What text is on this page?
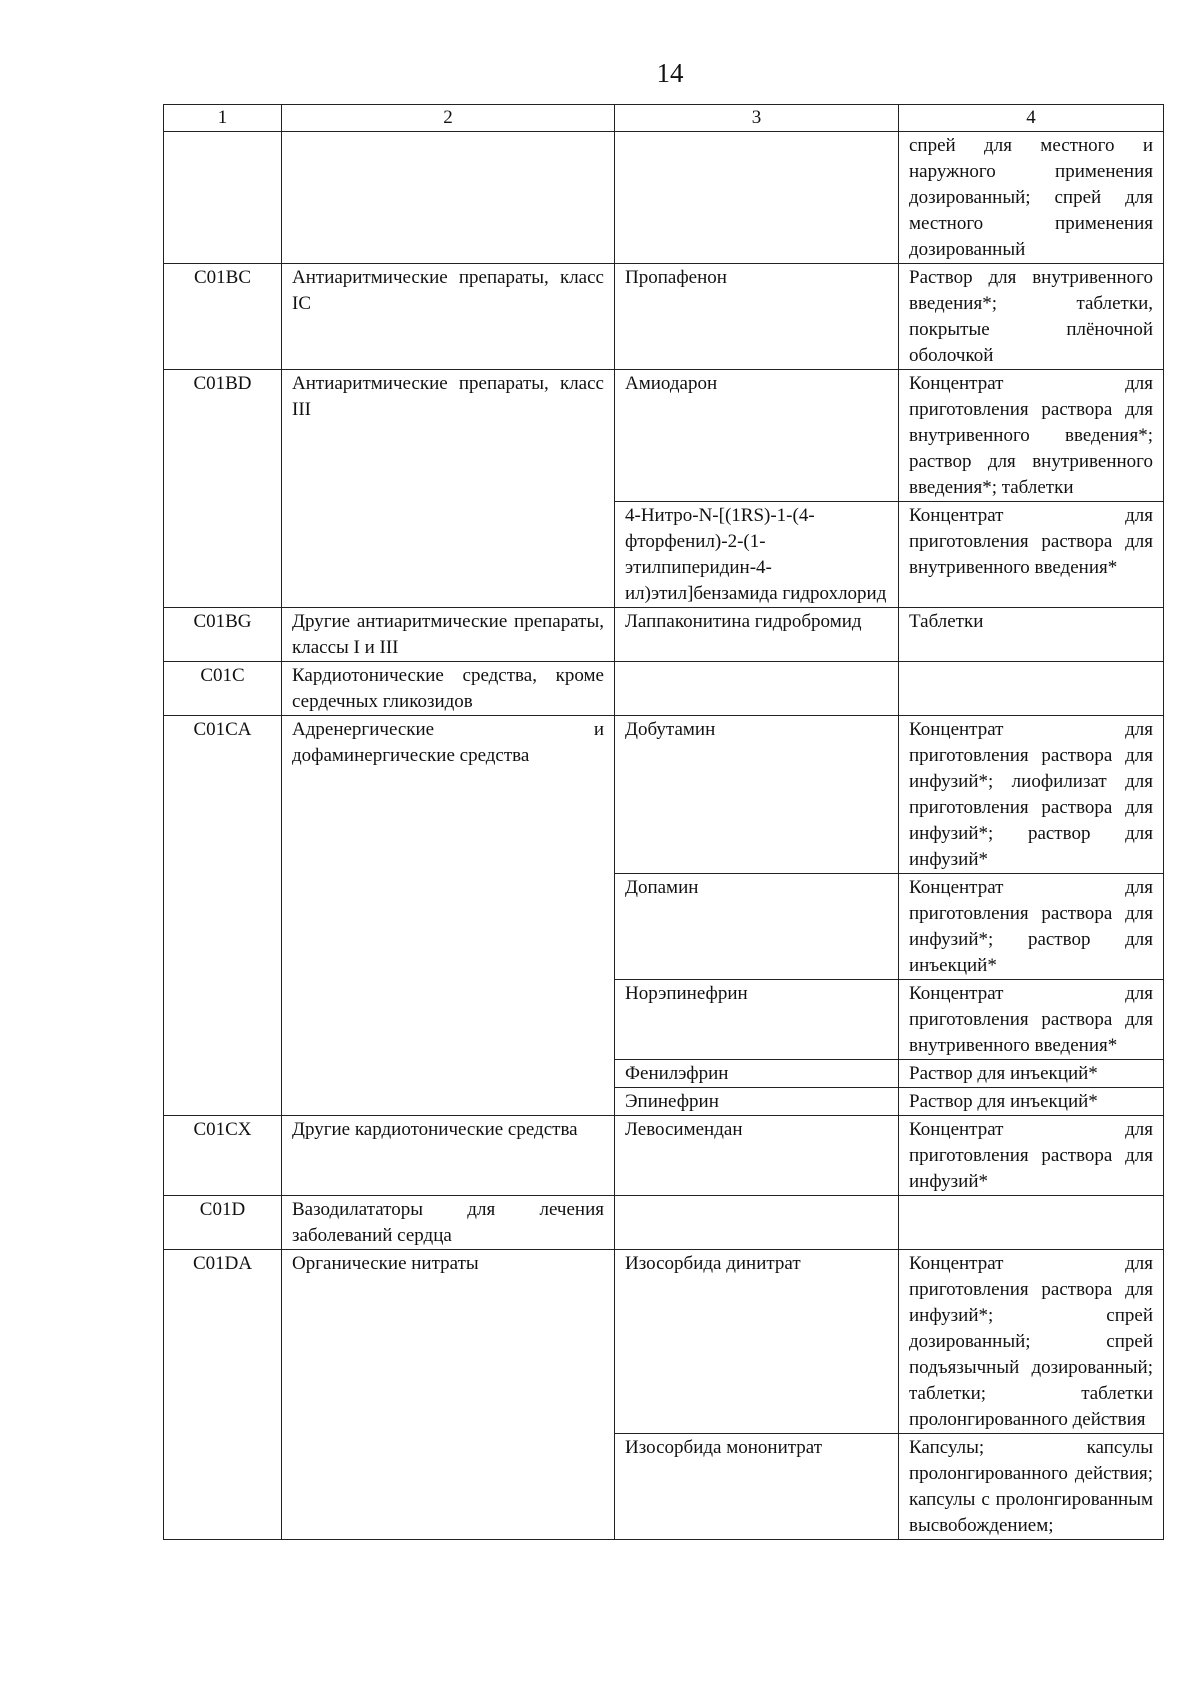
14
1	2	3	4
			спрей для местного и наружного применения дозированный; спрей для местного применения дозированный
C01BC	Антиаритмические препараты, класс IC	Пропафенон	Раствор для внутривенного введения*; таблетки, покрытые плёночной оболочкой
C01BD	Антиаритмические препараты, класс III	Амиодарон	Концентрат для приготовления раствора для внутривенного введения*; раствор для внутривенного введения*; таблетки
		4-Нитро-N-[(1RS)-1-(4-фторфенил)-2-(1-этилпиперидин-4-ил)этил]бензамида гидрохлорид	Концентрат для приготовления раствора для внутривенного введения*
C01BG	Другие антиаритмические препараты, классы I и III	Лаппаконитина гидробромид	Таблетки
C01C	Кардиотонические средства, кроме сердечных гликозидов		
C01CA	Адренергические и дофаминергические средства	Добутамин	Концентрат для приготовления раствора для инфузий*; лиофилизат для приготовления раствора для инфузий*; раствор для инфузий*
		Допамин	Концентрат для приготовления раствора для инфузий*; раствор для инъекций*
		Норэпинефрин	Концентрат для приготовления раствора для внутривенного введения*
		Фенилэфрин	Раствор для инъекций*
		Эпинефрин	Раствор для инъекций*
C01CX	Другие кардиотонические средства	Левосимендан	Концентрат для приготовления раствора для инфузий*
C01D	Вазодилататоры для лечения заболеваний сердца		
C01DA	Органические нитраты	Изосорбида динитрат	Концентрат для приготовления раствора для инфузий*; спрей дозированный; спрей подъязычный дозированный; таблетки; таблетки пролонгированного действия
		Изосорбида мононитрат	Капсулы; капсулы пролонгированного действия; капсулы с пролонгированным высвобождением;
